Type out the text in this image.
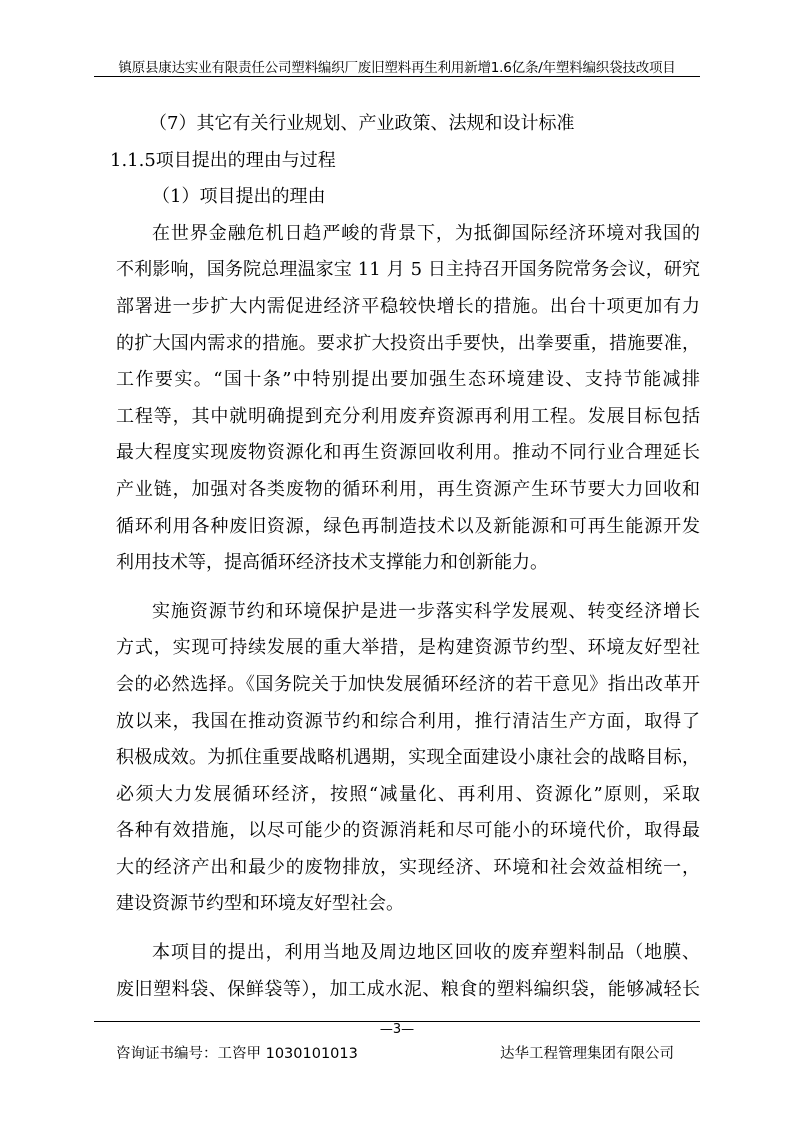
镇原县康达实业有限责任公司塑料编织厂废旧塑料再生利用新增1.6亿条/年塑料编织袋技改项目
（7）其它有关行业规划、产业政策、法规和设计标准
1.1.5项目提出的理由与过程
（1）项目提出的理由
在世界金融危机日趋严峻的背景下，为抵御国际经济环境对我国的
不利影响，国务院总理温家宝 11 月 5 日主持召开国务院常务会议，研究
部署进一步扩大内需促进经济平稳较快增长的措施。出台十项更加有力
的扩大国内需求的措施。要求扩大投资出手要快，出拳要重，措施要准，
工作要实。“国十条”中特别提出要加强生态环境建设、支持节能减排
工程等，其中就明确提到充分利用废弃资源再利用工程。发展目标包括
最大程度实现废物资源化和再生资源回收利用。推动不同行业合理延长
产业链，加强对各类废物的循环利用，再生资源产生环节要大力回收和
循环利用各种废旧资源，绿色再制造技术以及新能源和可再生能源开发
利用技术等，提高循环经济技术支撑能力和创新能力。
实施资源节约和环境保护是进一步落实科学发展观、转变经济增长
方式，实现可持续发展的重大举措，是构建资源节约型、环境友好型社
会的必然选择。《国务院关于加快发展循环经济的若干意见》指出改革开
放以来，我国在推动资源节约和综合利用，推行清洁生产方面，取得了
积极成效。为抓住重要战略机遇期，实现全面建设小康社会的战略目标，
必须大力发展循环经济，按照“减量化、再利用、资源化”原则，采取
各种有效措施，以尽可能少的资源消耗和尽可能小的环境代价，取得最
大的经济产出和最少的废物排放，实现经济、环境和社会效益相统一，
建设资源节约型和环境友好型社会。
本项目的提出，利用当地及周边地区回收的废弃塑料制品（地膜、
废旧塑料袋、保鲜袋等），加工成水泥、粮食的塑料编织袋，能够减轻长
—3—
咨询证书编号：工咨甲 1030101013	达华工程管理集团有限公司
